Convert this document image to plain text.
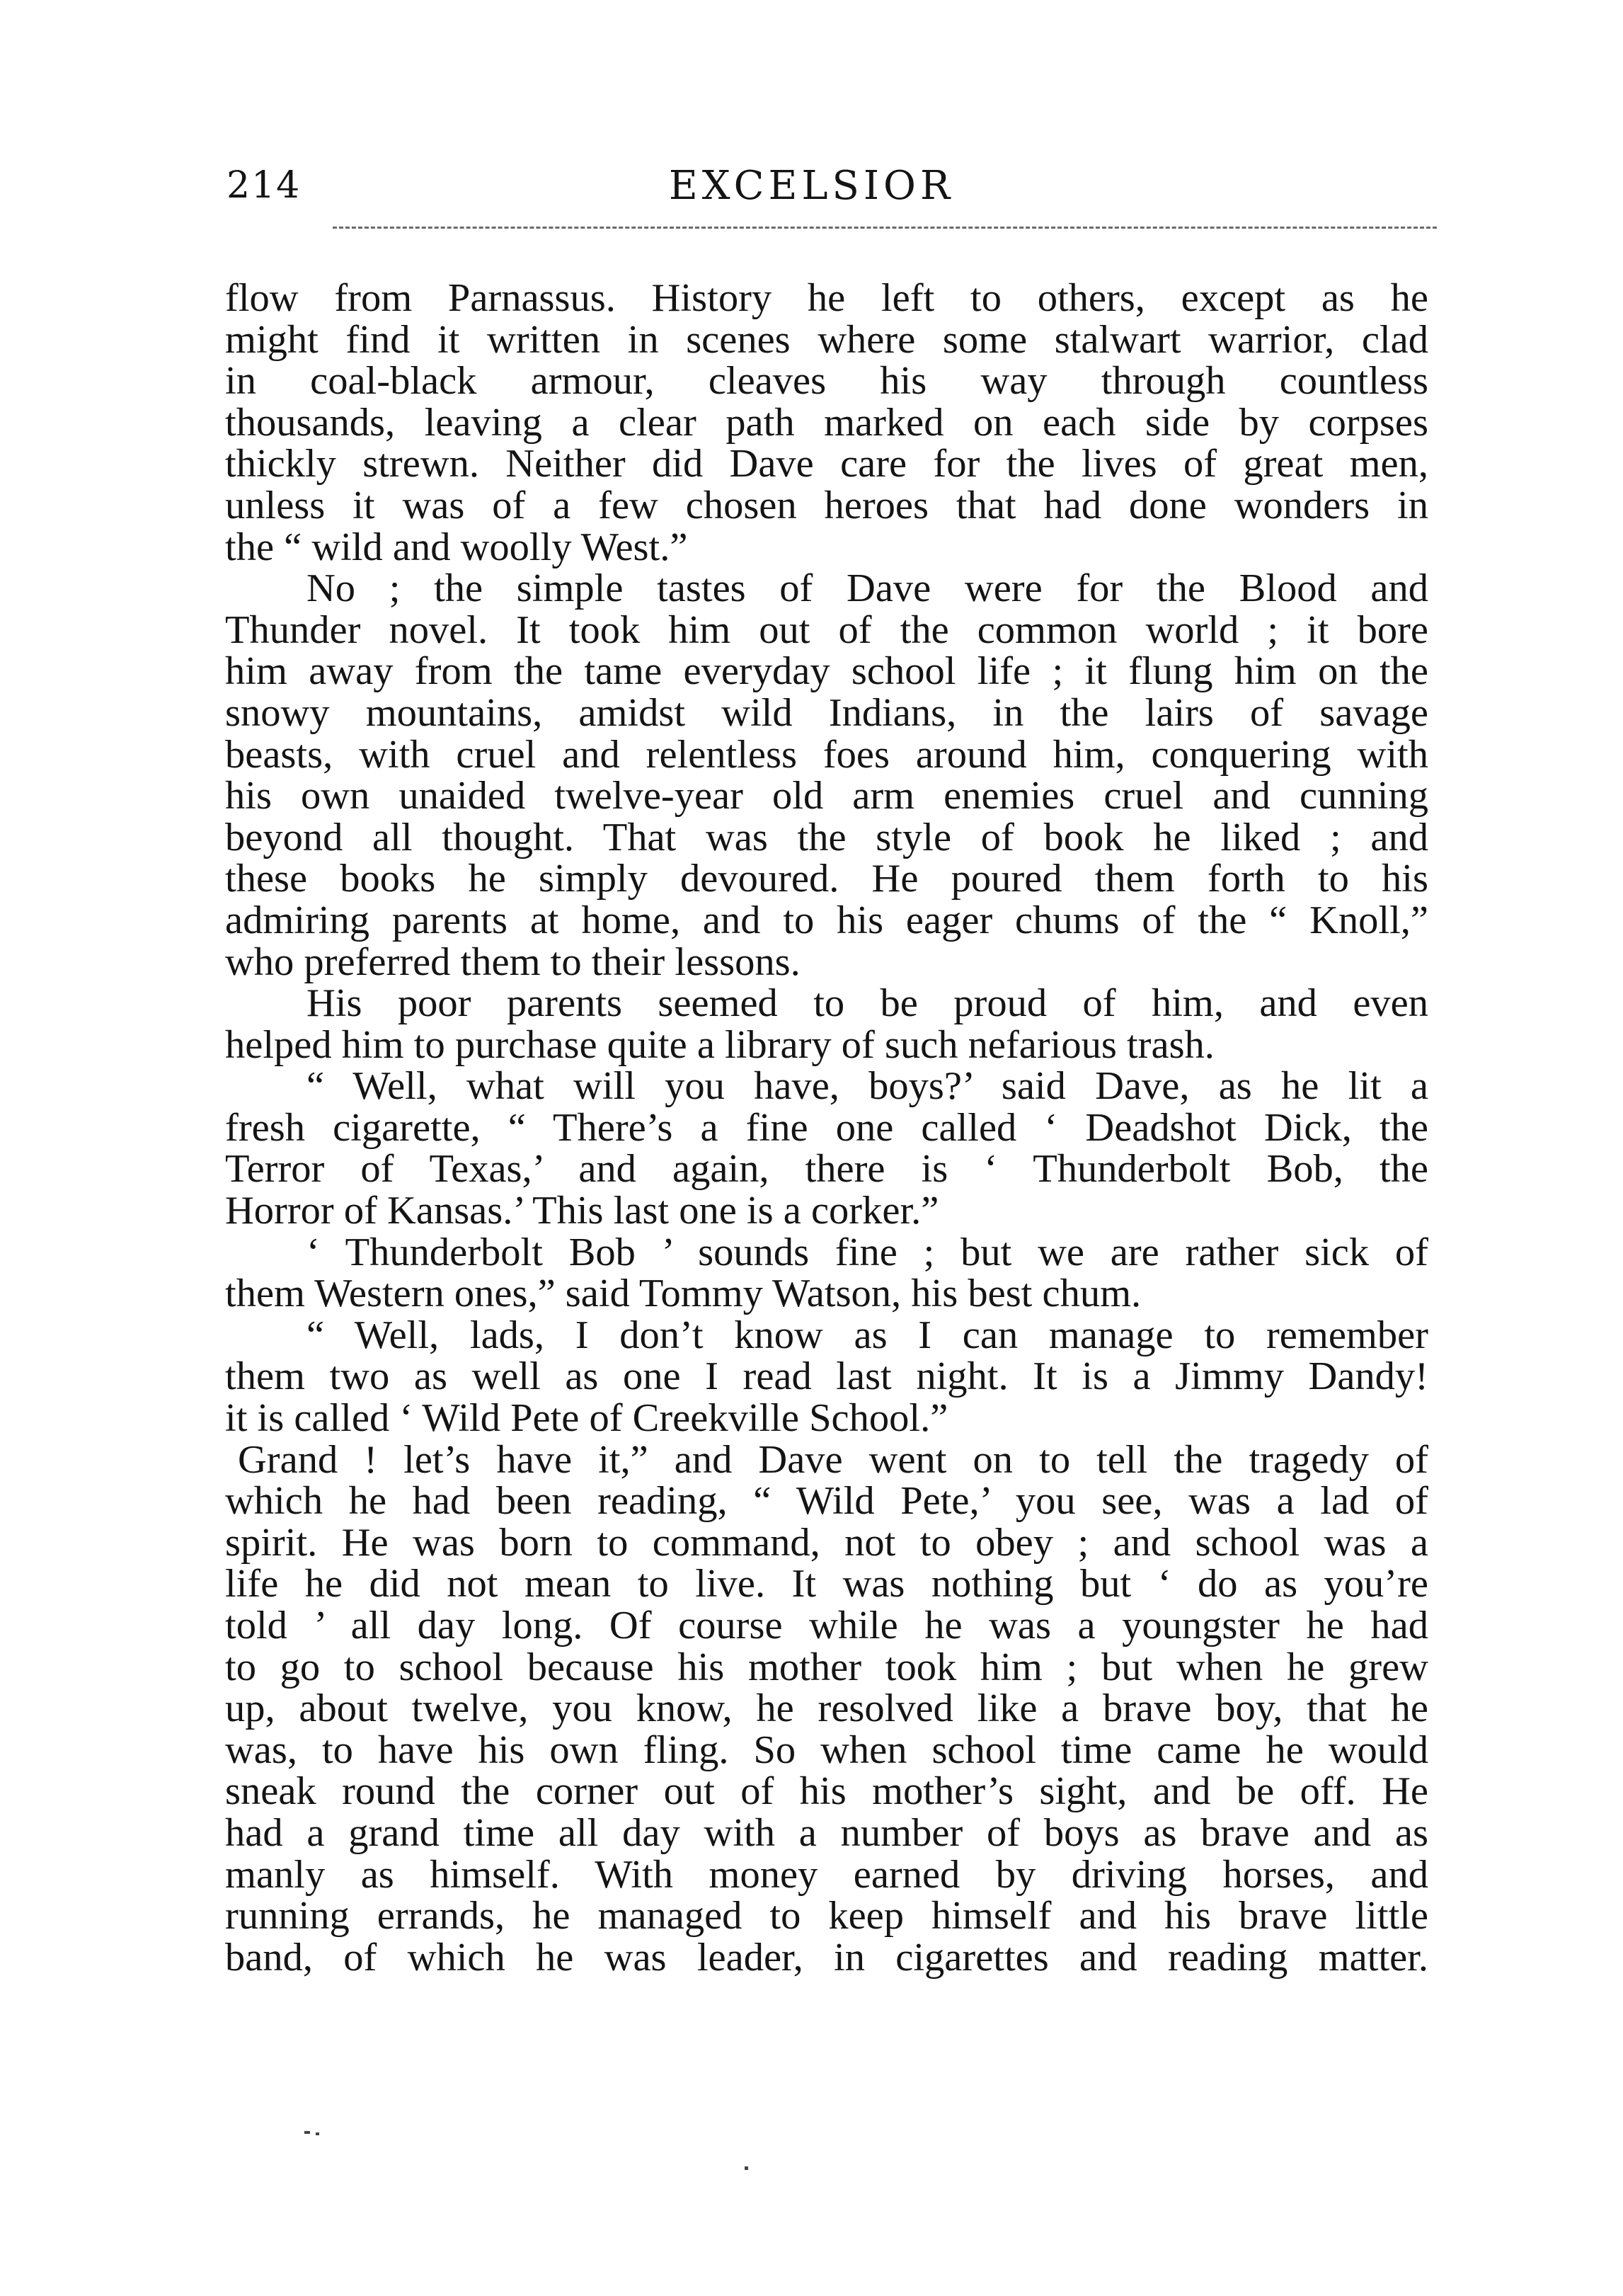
214	EXCELSIOR
flow from Parnassus. History he left to others, except as he
might find it written in scenes where some stalwart warrior, clad
in coal-black armour, cleaves his way through countless
thousands, leaving a clear path marked on each side by corpses
thickly strewn. Neither did Dave care for the lives of great men,
unless it was of a few chosen heroes that had done wonders in
the “ wild and woolly West.”
No ; the simple tastes of Dave were for the Blood and
Thunder novel. It took him out of the common world ; it bore
him away from the tame everyday school life ; it flung him on the
snowy mountains, amidst wild Indians, in the lairs of savage
beasts, with cruel and relentless foes around him, conquering with
his own unaided twelve-year old arm enemies cruel and cunning
beyond all thought. That was the style of book he liked ; and
these books he simply devoured. He poured them forth to his
admiring parents at home, and to his eager chums of the “ Knoll,”
who preferred them to their lessons.
His poor parents seemed to be proud of him, and even
helped him to purchase quite a library of such nefarious trash.
“ Well, what will you have, boys?’ said Dave, as he lit a
fresh cigarette, “ There’s a fine one called ‘ Deadshot Dick, the
Terror of Texas,’ and again, there is ‘ Thunderbolt Bob, the
Horror of Kansas.’ This last one is a corker.”
‘ Thunderbolt Bob ’ sounds fine ; but we are rather sick of
them Western ones,” said Tommy Watson, his best chum.
“ Well, lads, I don’t know as I can manage to remember
them two as well as one I read last night. It is a Jimmy Dandy!
it is called ‘ Wild Pete of Creekville School.”
Grand ! let’s have it,” and Dave went on to tell the tragedy of
which he had been reading, “ Wild Pete,’ you see, was a lad of
spirit. He was born to command, not to obey ; and school was a
life he did not mean to live. It was nothing but ‘ do as you’re
told ’ all day long. Of course while he was a youngster he had
to go to school because his mother took him ; but when he grew
up, about twelve, you know, he resolved like a brave boy, that he
was, to have his own fling. So when school time came he would
sneak round the corner out of his mother’s sight, and be off. He
had a grand time all day with a number of boys as brave and as
manly as himself. With money earned by driving horses, and
running errands, he managed to keep himself and his brave little
band, of which he was leader, in cigarettes and reading matter.
